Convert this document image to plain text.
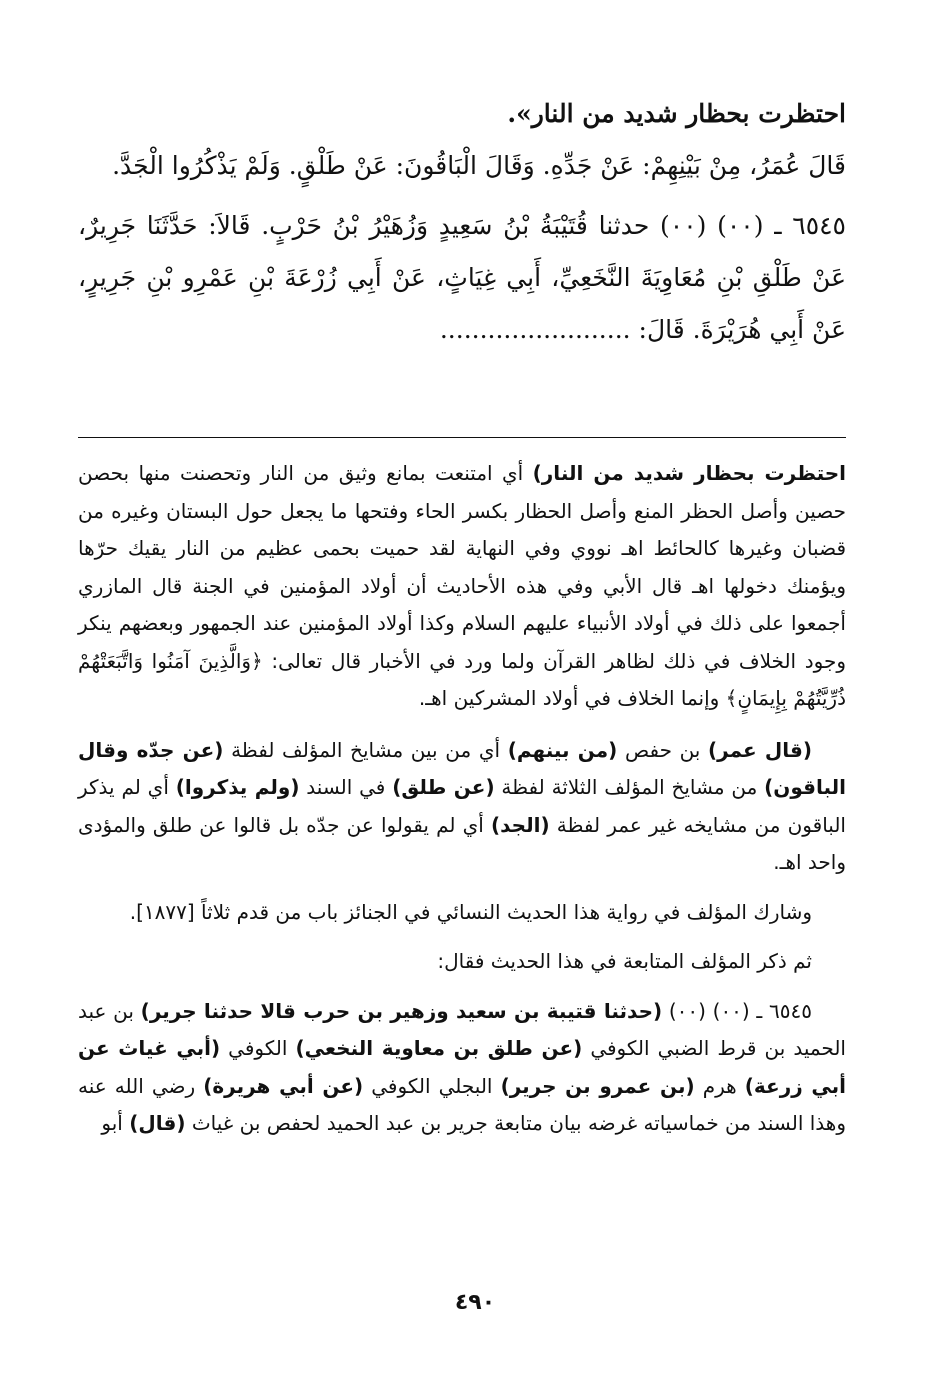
احتظرت بحظار شديد من النار».

قَالَ عُمَرُ، مِنْ بَيْنِهِمْ: عَنْ جَدِّهِ. وَقَالَ الْبَاقُونَ: عَنْ طَلْقٍ. وَلَمْ يَذْكُرُوا الْجَدَّ.

٦٥٤٥ ـ (٠٠) (٠٠) حدثنا قُتَيْبَةُ بْنُ سَعِيدٍ وَزُهَيْرُ بْنُ حَرْبٍ. قَالاَ: حَدَّثَنَا جَرِيرٌ، عَنْ طَلْقِ بْنِ مُعَاوِيَةَ النَّخَعِيِّ، أَبِي غِيَاثٍ، عَنْ أَبِي زُرْعَةَ بْنِ عَمْرِو بْنِ جَرِيرٍ، عَنْ أَبِي هُرَيْرَةَ. قَالَ: ........................

احتظرت بحظار شديد من النار) أي امتنعت بمانع وثيق من النار وتحصنت منها بحصن حصين وأصل الحظر المنع وأصل الحظار بكسر الحاء وفتحها ما يجعل حول البستان وغيره من قضبان وغيرها كالحائط اهـ نووي وفي النهاية لقد حميت بحمى عظيم من النار يقيك حرّها ويؤمنك دخولها اهـ قال الأبي وفي هذه الأحاديث أن أولاد المؤمنين في الجنة قال المازري أجمعوا على ذلك في أولاد الأنبياء عليهم السلام وكذا أولاد المؤمنين عند الجمهور وبعضهم ينكر وجود الخلاف في ذلك لظاهر القرآن ولما ورد في الأخبار قال تعالى: ﴿وَالَّذِينَ آمَنُوا وَاتَّبَعَتْهُمْ ذُرِّيَّتُهُمْ بِإِيمَانٍ﴾ وإنما الخلاف في أولاد المشركين اهـ.

(قال عمر) بن حفص (من بينهم) أي من بين مشايخ المؤلف لفظة (عن جدّه وقال الباقون) من مشايخ المؤلف الثلاثة لفظة (عن طلق) في السند (ولم يذكروا) أي لم يذكر الباقون من مشايخه غير عمر لفظة (الجد) أي لم يقولوا عن جدّه بل قالوا عن طلق والمؤدى واحد اهـ.

وشارك المؤلف في رواية هذا الحديث النسائي في الجنائز باب من قدم ثلاثاً [١٨٧٧].

ثم ذكر المؤلف المتابعة في هذا الحديث فقال:

٦٥٤٥ ـ (٠٠) (٠٠) (حدثنا قتيبة بن سعيد وزهير بن حرب قالا حدثنا جرير) بن عبد الحميد بن قرط الضبي الكوفي (عن طلق بن معاوية النخعي) الكوفي (أبي غياث عن أبي زرعة) هرم (بن عمرو بن جرير) البجلي الكوفي (عن أبي هريرة) رضي الله عنه وهذا السند من خماسياته غرضه بيان متابعة جرير بن عبد الحميد لحفص بن غياث (قال) أبو

٤٩٠
